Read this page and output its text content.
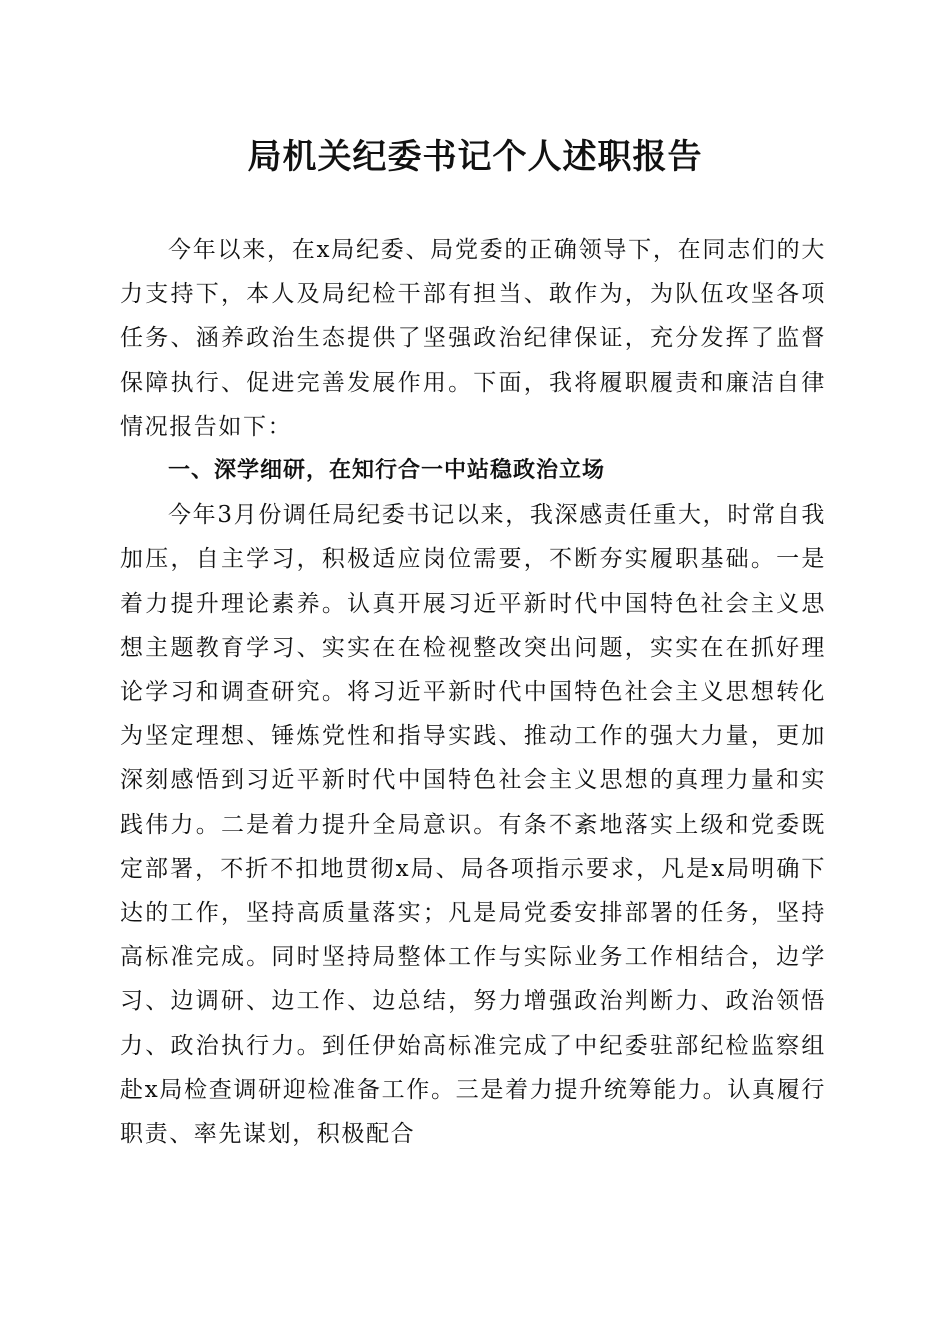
局机关纪委书记个人述职报告

今年以来，在x局纪委、局党委的正确领导下，在同志们的大力支持下，本人及局纪检干部有担当、敢作为，为队伍攻坚各项任务、涵养政治生态提供了坚强政治纪律保证，充分发挥了监督保障执行、促进完善发展作用。下面，我将履职履责和廉洁自律情况报告如下：

一、深学细研，在知行合一中站稳政治立场

今年3月份调任局纪委书记以来，我深感责任重大，时常自我加压，自主学习，积极适应岗位需要，不断夯实履职基础。一是着力提升理论素养。认真开展习近平新时代中国特色社会主义思想主题教育学习、实实在在检视整改突出问题，实实在在抓好理论学习和调查研究。将习近平新时代中国特色社会主义思想转化为坚定理想、锤炼党性和指导实践、推动工作的强大力量，更加深刻感悟到习近平新时代中国特色社会主义思想的真理力量和实践伟力。二是着力提升全局意识。有条不紊地落实上级和党委既定部署，不折不扣地贯彻x局、局各项指示要求，凡是x局明确下达的工作，坚持高质量落实；凡是局党委安排部署的任务，坚持高标准完成。同时坚持局整体工作与实际业务工作相结合，边学习、边调研、边工作、边总结，努力增强政治判断力、政治领悟力、政治执行力。到任伊始高标准完成了中纪委驻部纪检监察组赴x局检查调研迎检准备工作。三是着力提升统筹能力。认真履行职责、率先谋划，积极配合
